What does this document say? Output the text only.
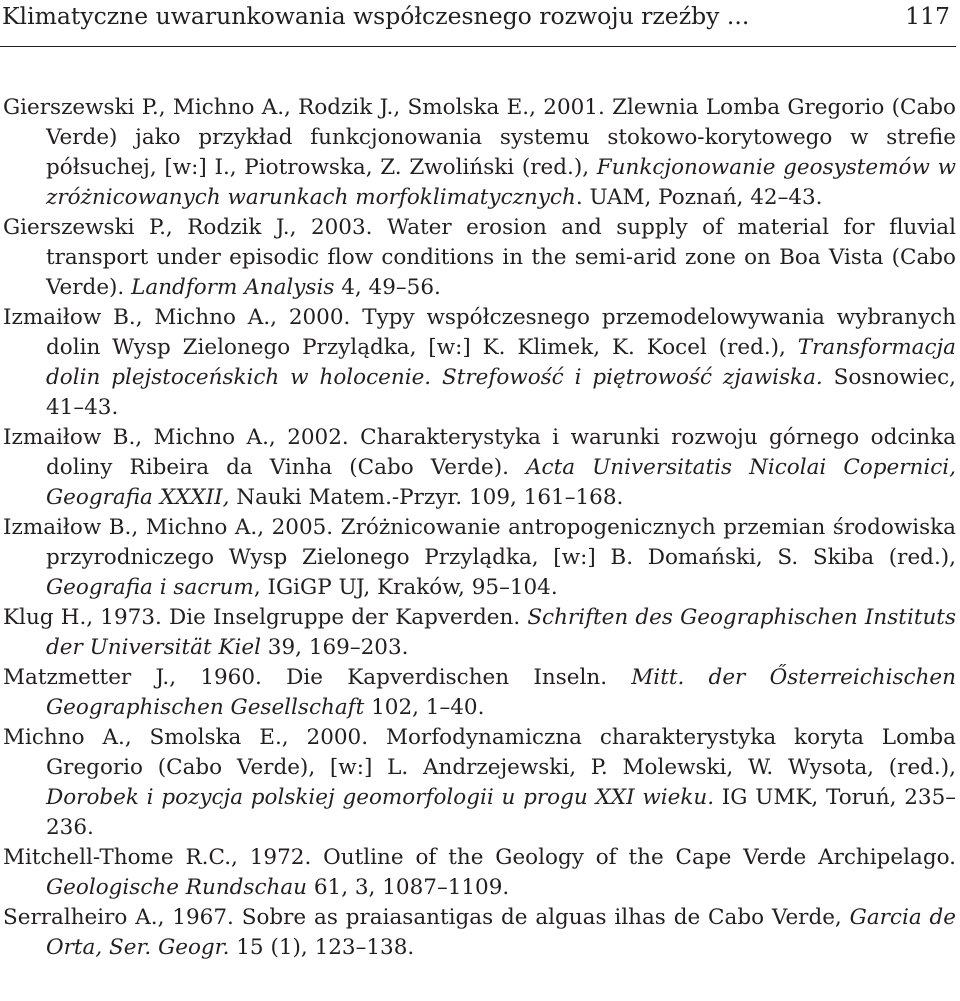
Klimatyczne uwarunkowania współczesnego rozwoju rzeźby ...	117

Gierszewski P., Michno A., Rodzik J., Smolska E., 2001. Zlewnia Lomba Gregorio (Cabo Verde) jako przykład funkcjonowania systemu stokowo-korytowego w strefie półsuchej, [w:] I., Piotrowska, Z. Zwoliński (red.), Funkcjonowanie geosystemów w zróżnicowanych warunkach morfoklimatycznych. UAM, Poznań, 42–43.

Gierszewski P., Rodzik J., 2003. Water erosion and supply of material for fluvial transport under episodic flow conditions in the semi-arid zone on Boa Vista (Cabo Verde). Landform Analysis 4, 49–56.

Izmaiłow B., Michno A., 2000. Typy współczesnego przemodelowywania wybranych dolin Wysp Zielonego Przylądka, [w:] K. Klimek, K. Kocel (red.), Transformacja dolin plejstoceńskich w holocenie. Strefowość i piętrowość zjawiska. Sosnowiec, 41–43.

Izmaiłow B., Michno A., 2002. Charakterystyka i warunki rozwoju górnego odcinka doliny Ribeira da Vinha (Cabo Verde). Acta Universitatis Nicolai Copernici, Geografia XXXII, Nauki Matem.-Przyr. 109, 161–168.

Izmaiłow B., Michno A., 2005. Zróżnicowanie antropogenicznych przemian środowiska przyrodniczego Wysp Zielonego Przylądka, [w:] B. Domański, S. Skiba (red.), Geografia i sacrum, IGiGP UJ, Kraków, 95–104.

Klug H., 1973. Die Inselgruppe der Kapverden. Schriften des Geographischen Instituts der Universität Kiel 39, 169–203.

Matzmetter J., 1960. Die Kapverdischen Inseln. Mitt. der Ősterreichischen Geographischen Gesellschaft 102, 1–40.

Michno A., Smolska E., 2000. Morfodynamiczna charakterystyka koryta Lomba Gregorio (Cabo Verde), [w:] L. Andrzejewski, P. Molewski, W. Wysota, (red.), Dorobek i pozycja polskiej geomorfologii u progu XXI wieku. IG UMK, Toruń, 235–236.

Mitchell-Thome R.C., 1972. Outline of the Geology of the Cape Verde Archipelago. Geologische Rundschau 61, 3, 1087–1109.

Serralheiro A., 1967. Sobre as praiasantigas de alguas ilhas de Cabo Verde, Garcia de Orta, Ser. Geogr. 15 (1), 123–138.
